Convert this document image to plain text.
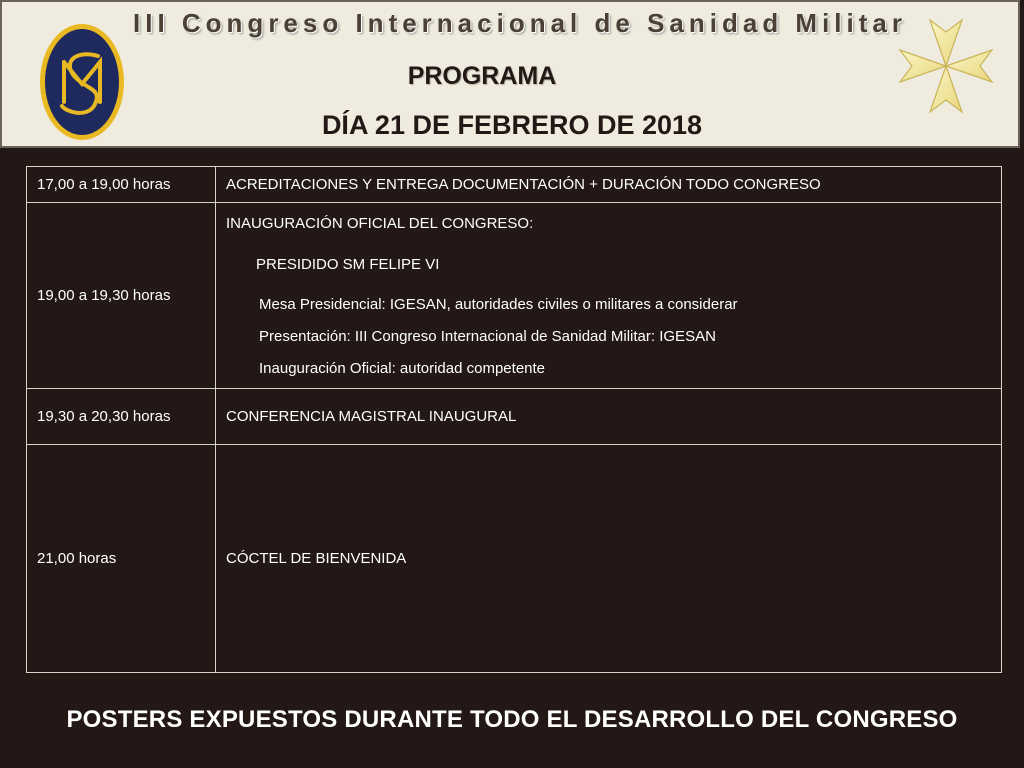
SM
III Congreso Internacional de Sanidad Militar
PROGRAMA
DÍA 21 DE FEBRERO DE 2018
17,00 a 19,00 horas	ACREDITACIONES Y ENTREGA DOCUMENTACIÓN + DURACIÓN TODO CONGRESO
19,00 a 19,30 horas	INAUGURACIÓN OFICIAL DEL CONGRESO:
PRESIDIDO SM FELIPE VI
Mesa Presidencial: IGESAN, autoridades civiles o militares a considerar
Presentación: III Congreso Internacional de Sanidad Militar: IGESAN
Inauguración Oficial: autoridad competente

19,30 a 20,30 horas	CONFERENCIA MAGISTRAL INAUGURAL
21,00 horas	CÓCTEL DE BIENVENIDA
POSTERS EXPUESTOS DURANTE TODO EL DESARROLLO DEL CONGRESO
